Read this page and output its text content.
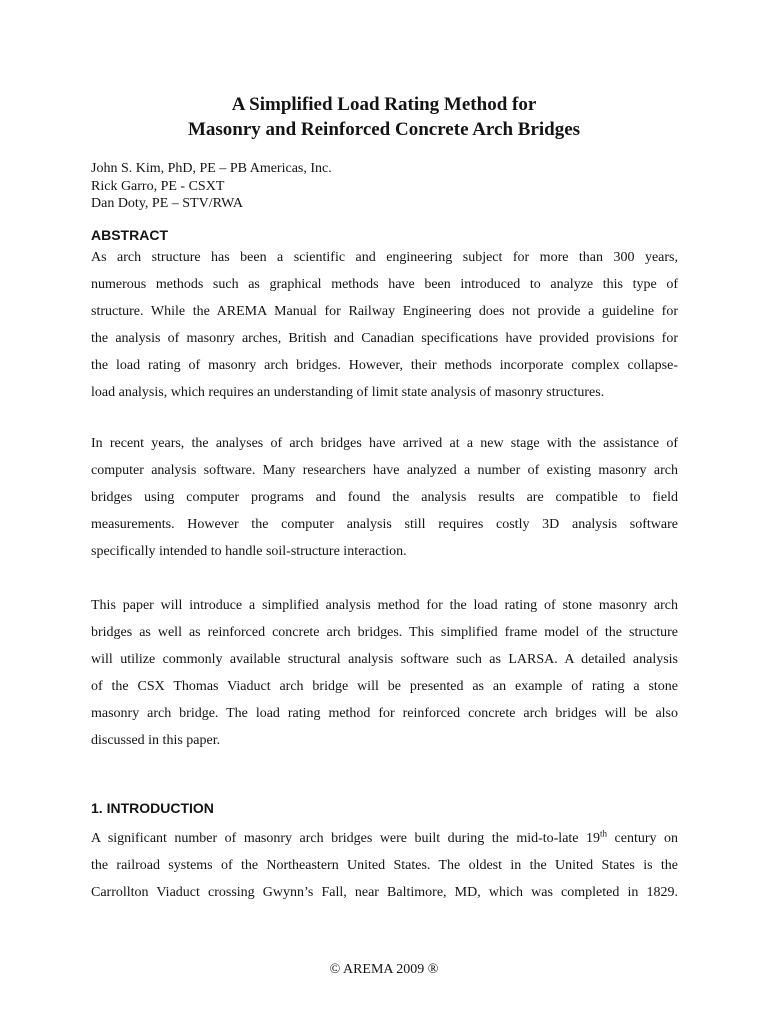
A Simplified Load Rating Method for
Masonry and Reinforced Concrete Arch Bridges
John S. Kim, PhD, PE – PB Americas, Inc.
Rick Garro, PE - CSXT
Dan Doty, PE – STV/RWA
ABSTRACT
As arch structure has been a scientific and engineering subject for more than 300 years,
numerous methods such as graphical methods have been introduced to analyze this type of
structure. While the AREMA Manual for Railway Engineering does not provide a guideline for
the analysis of masonry arches, British and Canadian specifications have provided provisions for
the load rating of masonry arch bridges. However, their methods incorporate complex collapse-
load analysis, which requires an understanding of limit state analysis of masonry structures.
In recent years, the analyses of arch bridges have arrived at a new stage with the assistance of
computer analysis software. Many researchers have analyzed a number of existing masonry arch
bridges using computer programs and found the analysis results are compatible to field
measurements. However the computer analysis still requires costly 3D analysis software
specifically intended to handle soil-structure interaction.
This paper will introduce a simplified analysis method for the load rating of stone masonry arch
bridges as well as reinforced concrete arch bridges. This simplified frame model of the structure
will utilize commonly available structural analysis software such as LARSA. A detailed analysis
of the CSX Thomas Viaduct arch bridge will be presented as an example of rating a stone
masonry arch bridge. The load rating method for reinforced concrete arch bridges will be also
discussed in this paper.
1. INTRODUCTION
A significant number of masonry arch bridges were built during the mid-to-late 19th century on
the railroad systems of the Northeastern United States. The oldest in the United States is the
Carrollton Viaduct crossing Gwynn’s Fall, near Baltimore, MD, which was completed in 1829.
© AREMA 2009 ®
